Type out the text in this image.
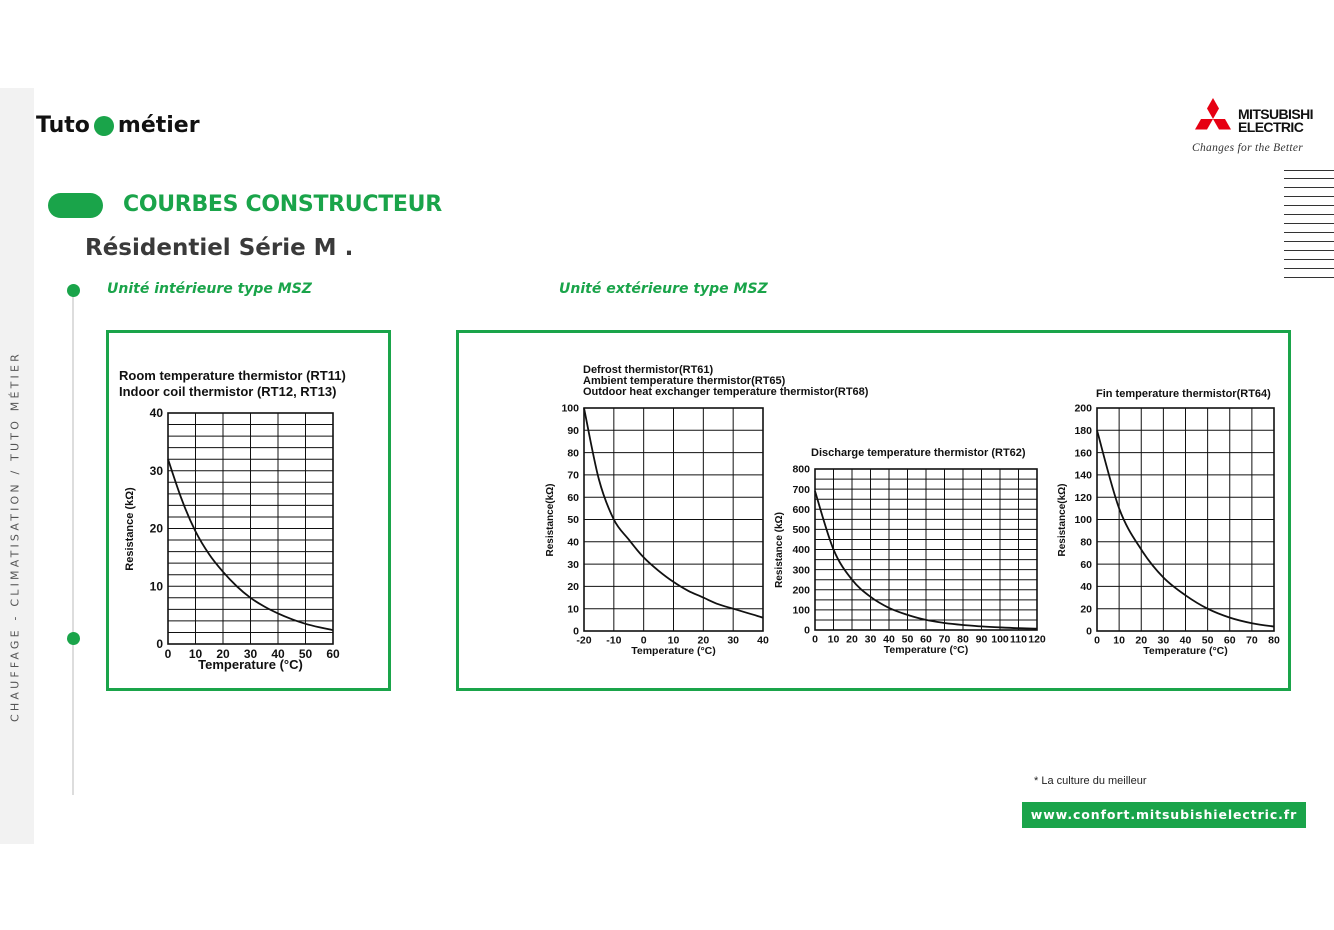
CHAUFFAGE - CLIMATISATION / TUTO MÉTIER
Tuto métier	MITSUBISHI
ELECTRIC
Changes for the Better
COURBES CONSTRUCTEUR
Résidentiel Série M .
Unité intérieure type MSZ	Unité extérieure type MSZ
Room temperature thermistor (RT11)
Indoor coil thermistor (RT12, RT13)
0 10 20 30 40 50 60
0
10
20
30
40
Temperature (°C)
Resistance (kΩ)
Defrost thermistor(RT61)
Ambient temperature thermistor(RT65)
Outdoor heat exchanger temperature thermistor(RT68)
-20 -10 0 10 20 30 40
0
10
20
30
40
50
60
70
80
90
100
Temperature (°C)
Resistance(kΩ)
Discharge temperature thermistor (RT62)
0 10 20 30 40 50 60 70 80 90 100 110 120
0
100
200
300
400
500
600
700
800
Temperature (°C)
Resistance (kΩ)
Fin temperature thermistor(RT64)
0 10 20 30 40 50 60 70 80
0
20
40
60
80
100
120
140
160
180
200
Temperature (°C)
Resistance(kΩ)
* La culture du meilleur
www.confort.mitsubishielectric.fr
